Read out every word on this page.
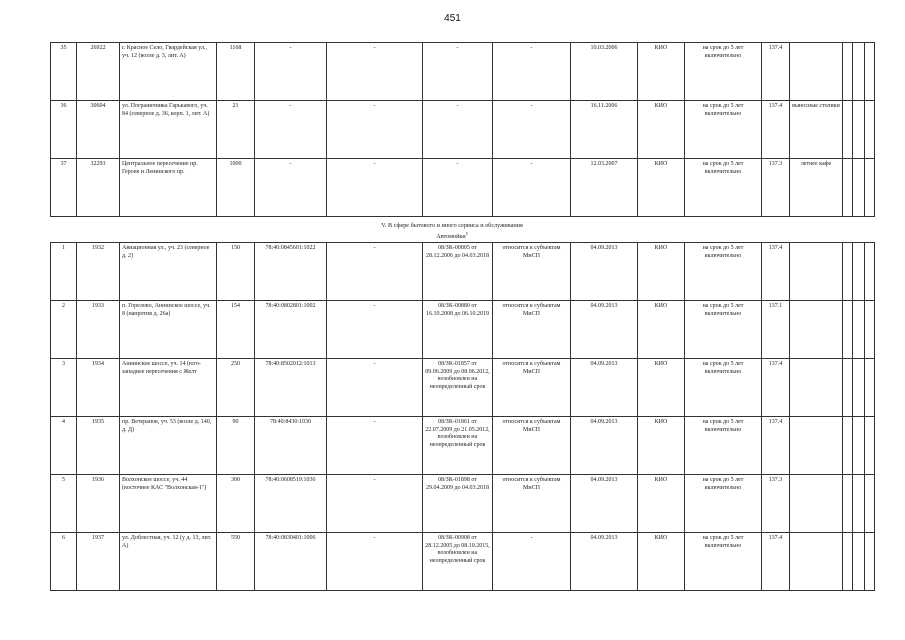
451
35	26922	г. Красное Село, Гвардейская ул., уч. 12 (возле д. 3, лит. А)	1168	-	-	-	-	10.03.2006	КИО	на срок до 5 лет включительно	137.4				
36	30604	ул. Пограничника Гарькавого, уч. 84 (северное д. 36, корп. 1, лит. А)	21	-	-	-	-	16.11.2006	КИО	на срок до 5 лет включительно	137.4	выносные столики			
37	32293	Центральное пересечение пр. Героев и Ленинского пр.	1000	-	-	-	-	12.03.2007	КИО	на срок до 5 лет включительно	137.3	летнее кафе			
V. В сфере бытового и иного сервиса и обслуживания
Автомойки$^5$
1	1932	Авиационная ул., уч. 23 (северное д. 2)	150	78:40:0845601:1022	-	08/ЗК-00805 от 28.12.2006 до 04.03.2018	относится к субъектам МиСП	04.09.2013	КИО	на срок до 5 лет включительно	137.4				
2	1933	п. Горелово, Аннинское шоссе, уч. 8 (напротив д. 26а)	154	78:40:0802801:1002	-	08/ЗК-00880 от 16.10.2008 до 06.10.2019	относится к субъектам МиСП	04.09.2013	КИО	на срок до 5 лет включительно	137.1				
3	1934	Аннинское шоссе, уч. 14 (юго-западнее пересечения с Желт	250	78:40:8502012:1013	-	08/ЗК-01857 от 09.06.2009 до 08.06.2012, возобновлен на неопределенный срок	относится к субъектам МиСП	04.09.2013	КИО	на срок до 5 лет включительно	137.4				
4	1935	пр. Ветеранов, уч. 53 (возле д. 140, д. Д)	90	78:40:8430:1030	-	08/ЗК-01861 от 22.07.2009 до 21.05.2012, возобновлен на неопределенный срок	относится к субъектам МиСП	04.09.2013	КИО	на срок до 5 лет включительно	137.4				
5	1936	Волхонское шоссе, уч. 44 (восточнее КАС "Волхонская-1")	300	78:40:0608519:1036	-	08/ЗК-01898 от 29.04.2009 до 04.03.2018	относится к субъектам МиСП	04.09.2013	КИО	на срок до 5 лет включительно	137.3				
6	1937	ул. Доблестная, уч. 12 (у д. 13, лит. А)	550	78:40:0830401:1006	-	08/ЗК-00908 от 28.12.2005 до 08.10.2015, возобновлен на неопределенный срок	-	04.09.2013	КИО	на срок до 5 лет включительно	137.4				
